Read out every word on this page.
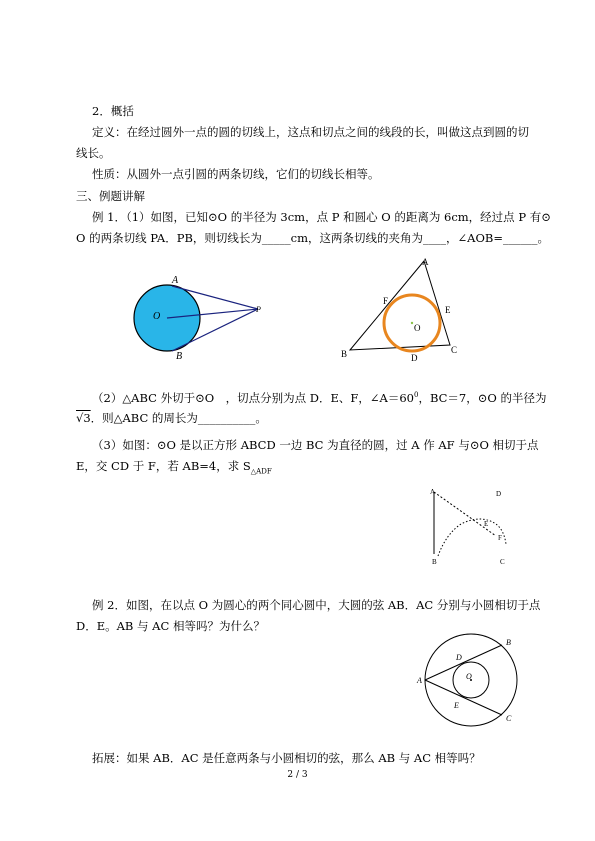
2．概括
定义：在经过圆外一点的圆的切线上，这点和切点之间的线段的长，叫做这点到圆的切
线长。
性质：从圆外一点引圆的两条切线，它们的切线长相等。
三、例题讲解
例 1．（1）如图，已知⊙O 的半径为 3cm，点 P 和圆心 O 的距离为 6cm，经过点 P 有⊙
O 的两条切线 PA．PB，则切线长为_____cm，这两条切线的夹角为____，∠AOB=______。
A
B
O
P
A
B	C
D
E
F
O
（2）△ABC 外切于⊙O　，切点分别为点 D．E、F，$\angle A=60^0$，BC＝7，⊙O 的半径为
√3．则△ABC 的周长为__________。
（3）如图：⊙O 是以正方形 ABCD 一边 BC 为直径的圆，过 A 作 AF 与⊙O 相切于点
E，交 CD 于 F，若 AB=4，求 $S_{\triangle ADF}$
A	D
B	C
E
F
例 2．如图，在以点 O 为圆心的两个同心圆中，大圆的弦 AB．AC 分别与小圆相切于点
D．E。AB 与 AC 相等吗？为什么？
A
B
C
D
E
O
拓展：如果 AB．AC 是任意两条与小圆相切的弦，那么 AB 与 AC 相等吗？
2 / 3
